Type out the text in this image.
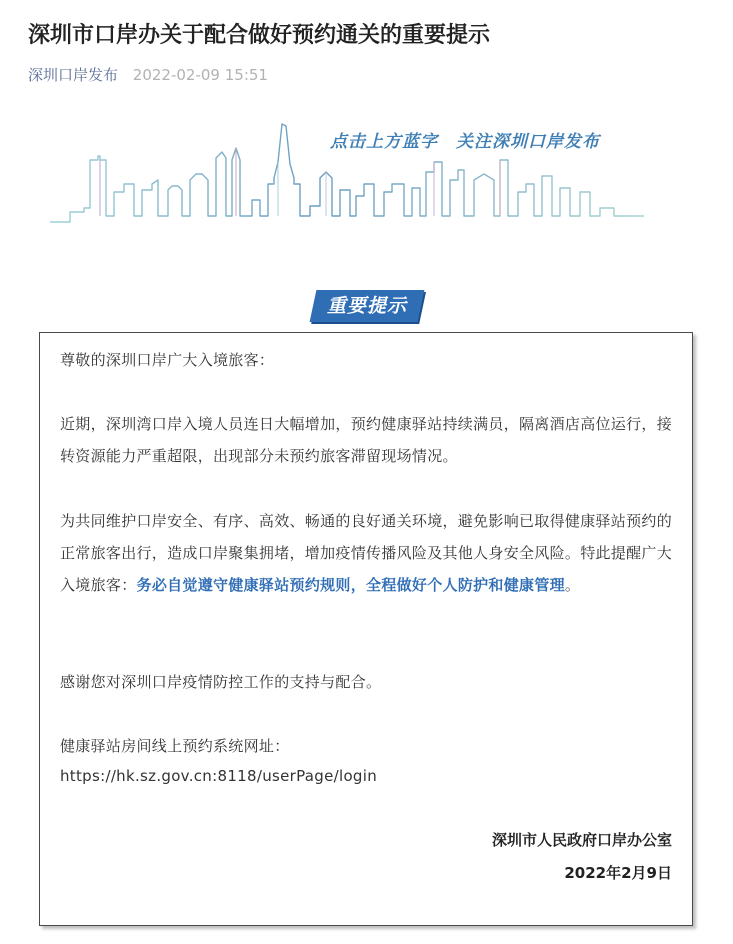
深圳市口岸办关于配合做好预约通关的重要提示
深圳口岸发布 2022-02-09 15:51
点击上方蓝字　关注深圳口岸发布
重要提示

尊敬的深圳口岸广大入境旅客：

近期，深圳湾口岸入境人员连日大幅增加，预约健康驿站持续满员，隔离酒店高位运行，接转资源能力严重超限，出现部分未预约旅客滞留现场情况。

为共同维护口岸安全、有序、高效、畅通的良好通关环境，避免影响已取得健康驿站预约的正常旅客出行，造成口岸聚集拥堵，增加疫情传播风险及其他人身安全风险。特此提醒广大入境旅客：务必自觉遵守健康驿站预约规则，全程做好个人防护和健康管理。

感谢您对深圳口岸疫情防控工作的支持与配合。

健康驿站房间线上预约系统网址：

https://hk.sz.gov.cn:8118/userPage/login

深圳市人民政府口岸办公室
2022年2月9日
